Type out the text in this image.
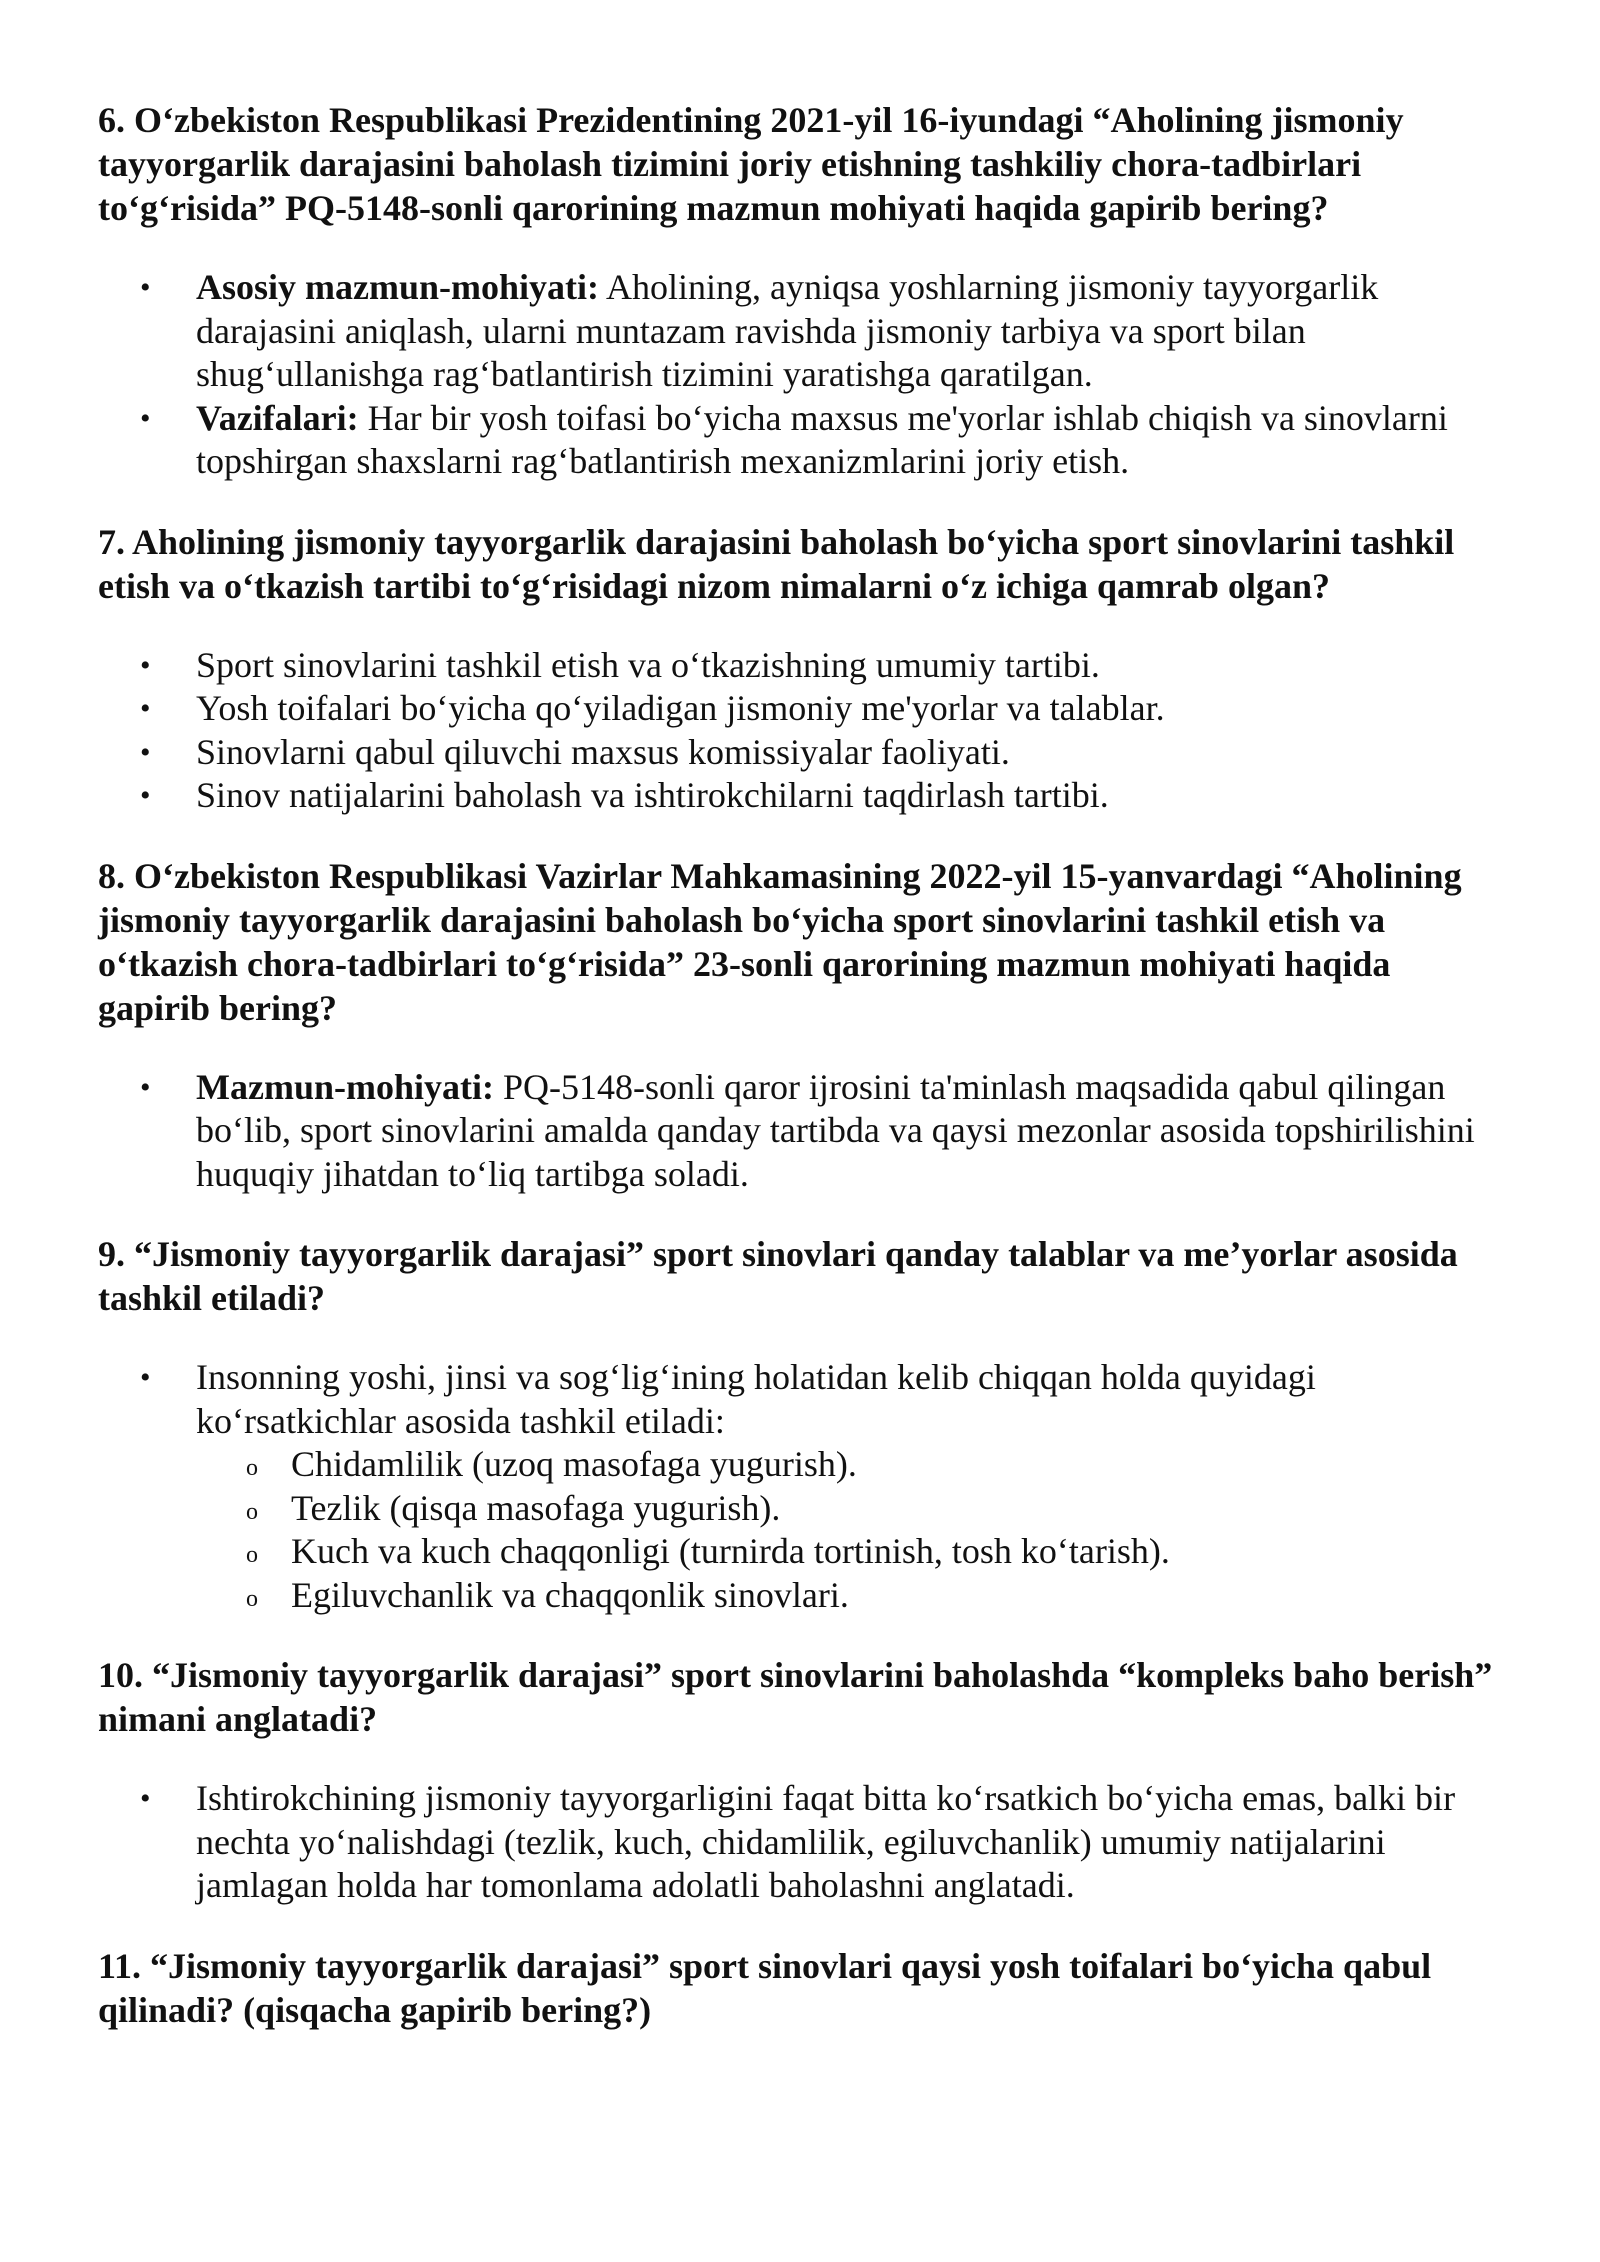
6. O‘zbekiston Respublikasi Prezidentining 2021-yil 16-iyundagi “Aholining jismoniy tayyorgarlik darajasini baholash tizimini joriy etishning tashkiliy chora-tadbirlari to‘g‘risida” PQ-5148-sonli qarorining mazmun mohiyati haqida gapirib bering?

• Asosiy mazmun-mohiyati: Aholining, ayniqsa yoshlarning jismoniy tayyorgarlik darajasini aniqlash, ularni muntazam ravishda jismoniy tarbiya va sport bilan shug‘ullanishga rag‘batlantirish tizimini yaratishga qaratilgan.
• Vazifalari: Har bir yosh toifasi bo‘yicha maxsus me'yorlar ishlab chiqish va sinovlarni topshirgan shaxslarni rag‘batlantirish mexanizmlarini joriy etish.

7. Aholining jismoniy tayyorgarlik darajasini baholash bo‘yicha sport sinovlarini tashkil etish va o‘tkazish tartibi to‘g‘risidagi nizom nimalarni o‘z ichiga qamrab olgan?

• Sport sinovlarini tashkil etish va o‘tkazishning umumiy tartibi.
• Yosh toifalari bo‘yicha qo‘yiladigan jismoniy me'yorlar va talablar.
• Sinovlarni qabul qiluvchi maxsus komissiyalar faoliyati.
• Sinov natijalarini baholash va ishtirokchilarni taqdirlash tartibi.

8. O‘zbekiston Respublikasi Vazirlar Mahkamasining 2022-yil 15-yanvardagi “Aholining jismoniy tayyorgarlik darajasini baholash bo‘yicha sport sinovlarini tashkil etish va o‘tkazish chora-tadbirlari to‘g‘risida” 23-sonli qarorining mazmun mohiyati haqida gapirib bering?

• Mazmun-mohiyati: PQ-5148-sonli qaror ijrosini ta'minlash maqsadida qabul qilingan bo‘lib, sport sinovlarini amalda qanday tartibda va qaysi mezonlar asosida topshirilishini huquqiy jihatdan to‘liq tartibga soladi.

9. “Jismoniy tayyorgarlik darajasi” sport sinovlari qanday talablar va me’yorlar asosida tashkil etiladi?

• Insonning yoshi, jinsi va sog‘lig‘ining holatidan kelib chiqqan holda quyidagi ko‘rsatkichlar asosida tashkil etiladi:
o Chidamlilik (uzoq masofaga yugurish).
o Tezlik (qisqa masofaga yugurish).
o Kuch va kuch chaqqonligi (turnirda tortinish, tosh ko‘tarish).
o Egiluvchanlik va chaqqonlik sinovlari.

10. “Jismoniy tayyorgarlik darajasi” sport sinovlarini baholashda “kompleks baho berish” nimani anglatadi?

• Ishtirokchining jismoniy tayyorgarligini faqat bitta ko‘rsatkich bo‘yicha emas, balki bir nechta yo‘nalishdagi (tezlik, kuch, chidamlilik, egiluvchanlik) umumiy natijalarini jamlagan holda har tomonlama adolatli baholashni anglatadi.

11. “Jismoniy tayyorgarlik darajasi” sport sinovlari qaysi yosh toifalari bo‘yicha qabul qilinadi? (qisqacha gapirib bering?)
